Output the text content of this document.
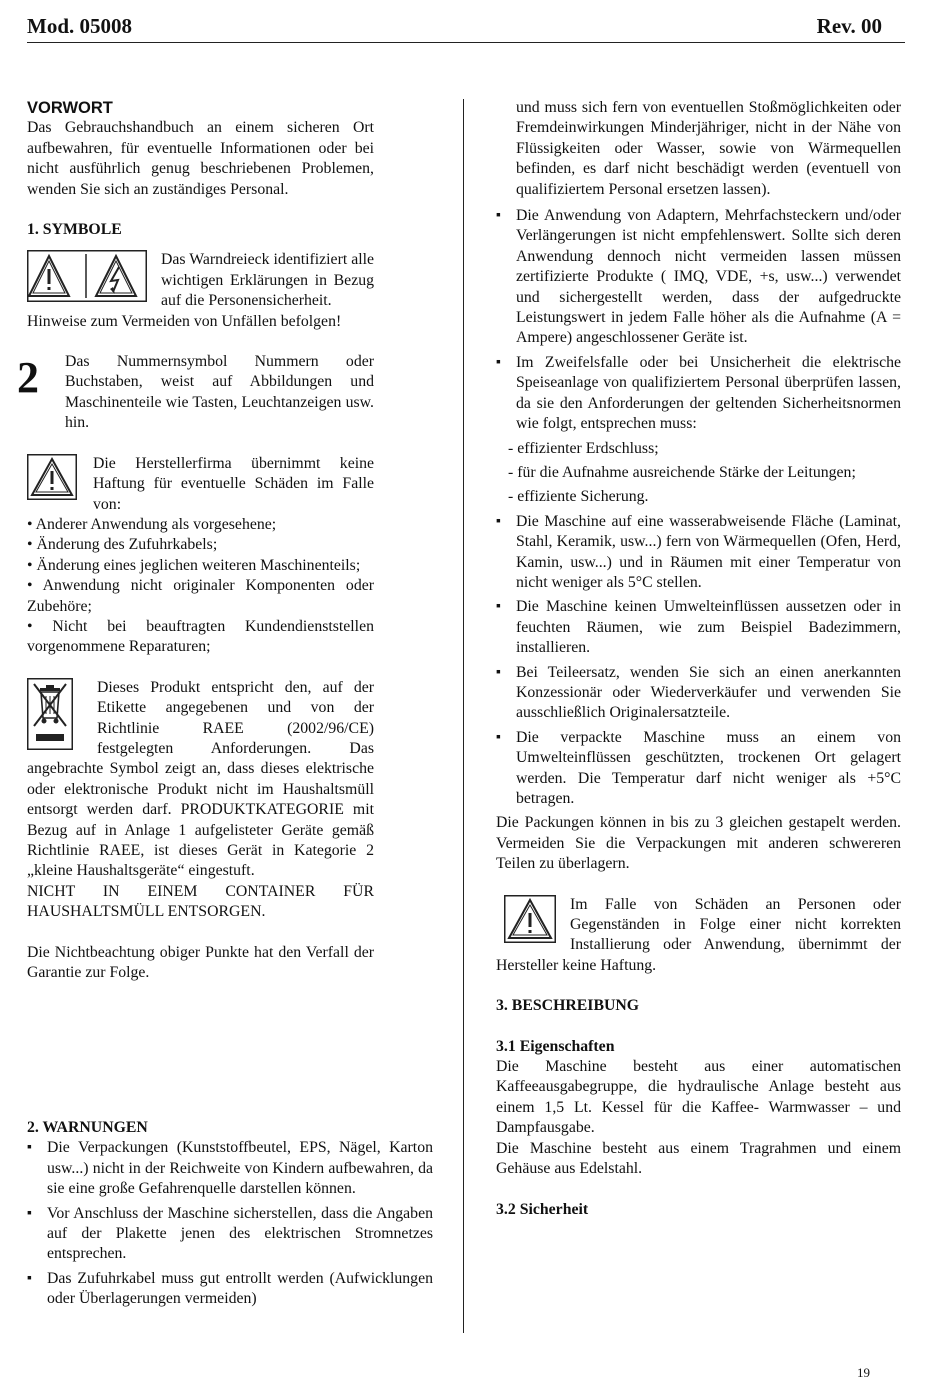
Mod. 05008	Rev. 00

VORWORT

Das Gebrauchshandbuch an einem sicheren Ort aufbewahren, für eventuelle Informationen oder bei nicht ausführlich genug beschriebenen Problemen, wenden Sie sich an zuständiges Personal.

1. SYMBOLE

Das Warndreieck identifiziert alle wichtigen Erklärungen in Bezug auf die Personensicherheit.

Hinweise zum Vermeiden von Unfällen befolgen!

2	Das Nummernsymbol Nummern oder Buchstaben, weist auf Abbildungen und Maschinenteile wie Tasten, Leuchtanzeigen usw. hin.

Die Herstellerfirma übernimmt keine Haftung für eventuelle Schäden im Falle von:

• Anderer Anwendung als vorgesehene;

• Änderung des Zufuhrkabels;

• Änderung eines jeglichen weiteren Maschinenteils;

• Anwendung nicht originaler Komponenten oder Zubehöre;

• Nicht bei beauftragten Kundendienststellen vorgenommene Reparaturen;

Dieses Produkt entspricht den, auf der Etikette angegebenen und von der Richtlinie RAEE (2002/96/CE) festgelegten Anforderungen. Das angebrachte Symbol zeigt an, dass dieses elektrische oder elektronische Produkt nicht im Haushaltsmüll entsorgt werden darf. PRODUKTKATEGORIE mit Bezug auf in Anlage 1 aufgelisteter Geräte gemäß Richtlinie RAEE, ist dieses Gerät in Kategorie 2 „kleine Haushaltsgeräte“ eingestuft.

NICHT IN EINEM CONTAINER FÜR HAUSHALTSMÜLL ENTSORGEN.

Die Nichtbeachtung obiger Punkte hat den Verfall der Garantie zur Folge.

2. WARNUNGEN

▪ Die Verpackungen (Kunststoffbeutel, EPS, Nägel, Karton usw...) nicht in der Reichweite von Kindern aufbewahren, da sie eine große Gefahrenquelle darstellen können.
▪ Vor Anschluss der Maschine sicherstellen, dass die Angaben auf der Plakette jenen des elektrischen Stromnetzes entsprechen.
▪ Das Zufuhrkabel muss gut entrollt werden (Aufwicklungen oder Überlagerungen vermeiden)

und muss sich fern von eventuellen Stoßmöglichkeiten oder Fremdeinwirkungen Minderjähriger, nicht in der Nähe von Flüssigkeiten oder Wasser, sowie von Wärmequellen befinden, es darf nicht beschädigt werden (eventuell von qualifiziertem Personal ersetzen lassen).

▪ Die Anwendung von Adaptern, Mehrfachsteckern und/oder Verlängerungen ist nicht empfehlenswert. Sollte sich deren Anwendung dennoch nicht vermeiden lassen müssen zertifizierte Produkte ( IMQ, VDE, +s, usw...) verwendet und sichergestellt werden, dass der aufgedruckte Leistungswert in jedem Falle höher als die Aufnahme (A = Ampere) angeschlossener Geräte ist.
▪ Im Zweifelsfalle oder bei Unsicherheit die elektrische Speiseanlage von qualifiziertem Personal überprüfen lassen, da sie den Anforderungen der geltenden Sicherheitsnormen wie folgt, entsprechen muss:

- effizienter Erdschluss;

- für die Aufnahme ausreichende Stärke der Leitungen;

- effiziente Sicherung.

▪ Die Maschine auf eine wasserabweisende Fläche (Laminat, Stahl, Keramik, usw...) fern von Wärmequellen (Ofen, Herd, Kamin, usw...) und in Räumen mit einer Temperatur von nicht weniger als 5°C stellen.
▪ Die Maschine keinen Umwelteinflüssen aussetzen oder in feuchten Räumen, wie zum Beispiel Badezimmern, installieren.
▪ Bei Teileersatz, wenden Sie sich an einen anerkannten Konzessionär oder Wiederverkäufer und verwenden Sie ausschließlich Originalersatzteile.
▪ Die verpackte Maschine muss an einem von Umwelteinflüssen geschützten, trockenen Ort gelagert werden. Die Temperatur darf nicht weniger als +5°C betragen.

Die Packungen können in bis zu 3 gleichen gestapelt werden. Vermeiden Sie die Verpackungen mit anderen schwereren Teilen zu überlagern.

Im Falle von Schäden an Personen oder Gegenständen in Folge einer nicht korrekten Installierung oder Anwendung, übernimmt der Hersteller keine Haftung.

3. BESCHREIBUNG

3.1 Eigenschaften

Die Maschine besteht aus einer automatischen Kaffeeausgabegruppe, die hydraulische Anlage besteht aus einem 1,5 Lt. Kessel für die Kaffee- Warmwasser – und Dampfausgabe.

Die Maschine besteht aus einem Tragrahmen und einem Gehäuse aus Edelstahl.

3.2 Sicherheit

19
